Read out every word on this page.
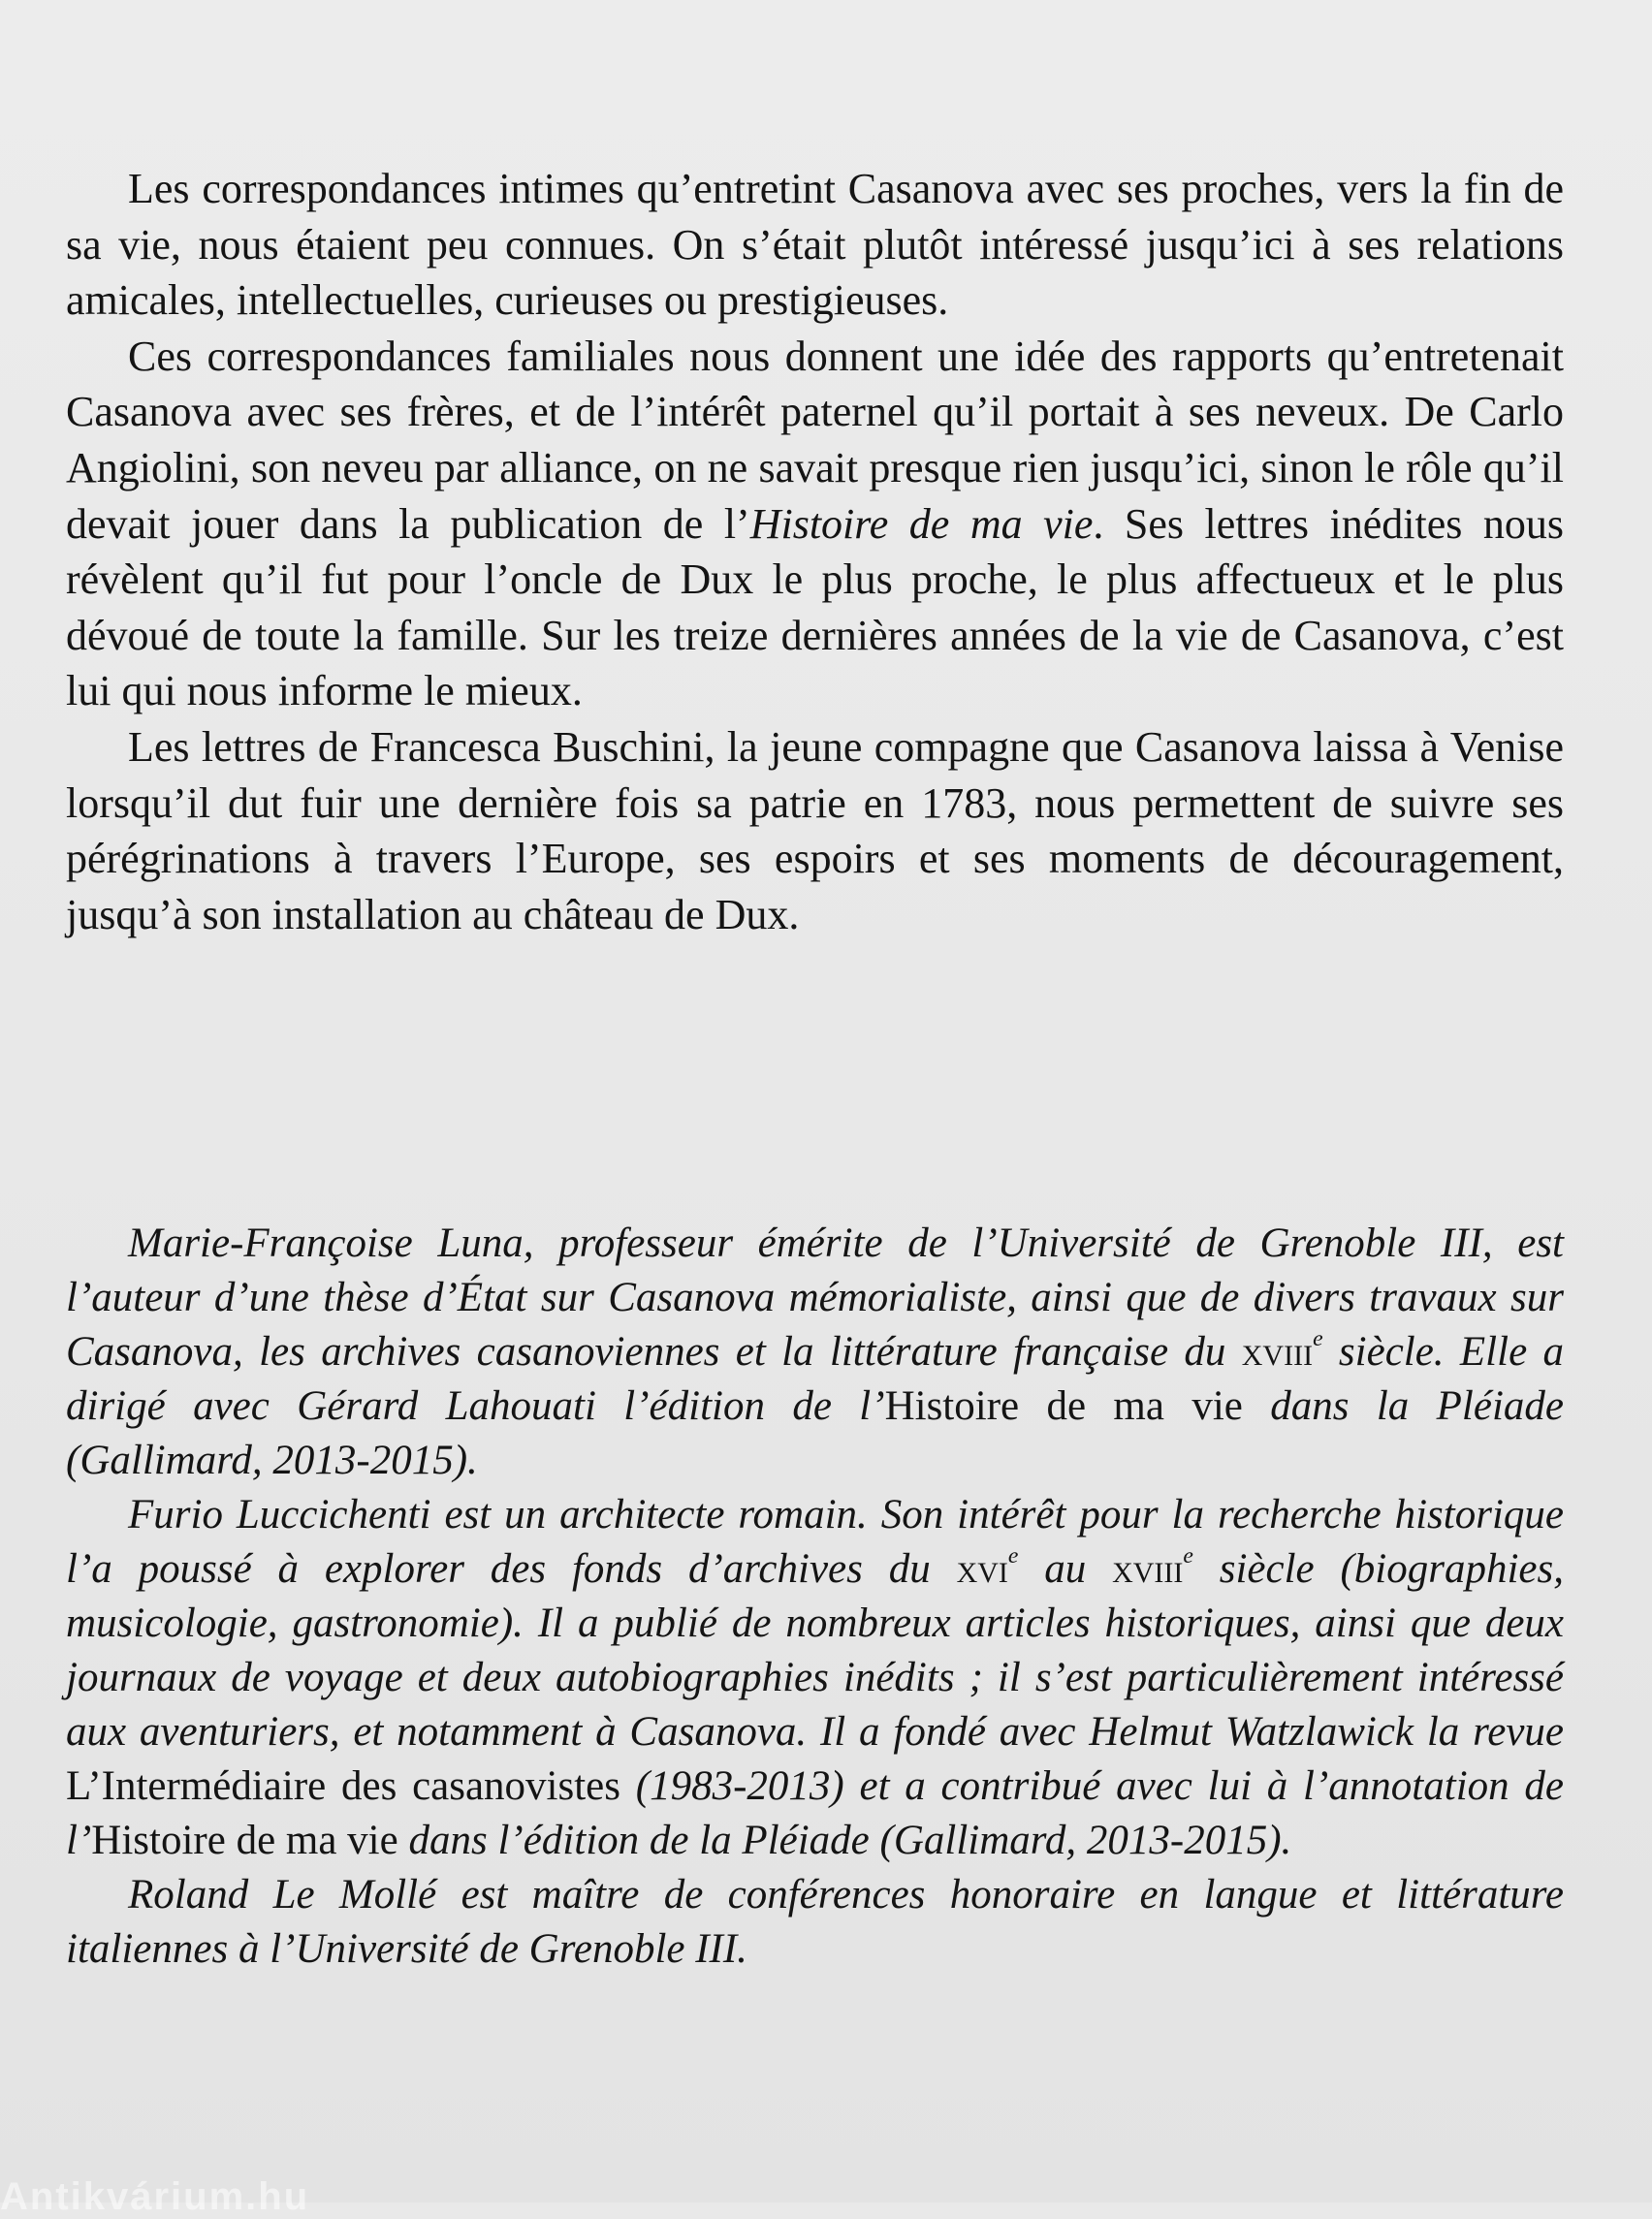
Les correspondances intimes qu’entretint Casanova avec ses proches, vers la fin de sa vie, nous étaient peu connues. On s’était plutôt intéressé jusqu’ici à ses relations amicales, intellectuelles, curieuses ou prestigieuses.

Ces correspondances familiales nous donnent une idée des rapports qu’entretenait Casanova avec ses frères, et de l’intérêt paternel qu’il portait à ses neveux. De Carlo Angiolini, son neveu par alliance, on ne savait presque rien jusqu’ici, sinon le rôle qu’il devait jouer dans la publication de l’Histoire de ma vie. Ses lettres inédites nous révèlent qu’il fut pour l’oncle de Dux le plus proche, le plus affectueux et le plus dévoué de toute la famille. Sur les treize dernières années de la vie de Casanova, c’est lui qui nous informe le mieux.

Les lettres de Francesca Buschini, la jeune compagne que Casanova laissa à Venise lorsqu’il dut fuir une dernière fois sa patrie en 1783, nous permettent de suivre ses pérégrinations à travers l’Europe, ses espoirs et ses moments de découragement, jusqu’à son installation au château de Dux.

Marie-Françoise Luna, professeur émérite de l’Université de Grenoble III, est l’auteur d’une thèse d’État sur Casanova mémorialiste, ainsi que de divers travaux sur Casanova, les archives casanoviennes et la littérature française du xviii$^e$ siècle. Elle a dirigé avec Gérard Lahouati l’édition de l’Histoire de ma vie dans la Pléiade (Gallimard, 2013-2015).

Furio Luccichenti est un architecte romain. Son intérêt pour la recherche historique l’a poussé à explorer des fonds d’archives du xvi$^e$ au xviii$^e$ siècle (biographies, musicologie, gastronomie). Il a publié de nombreux articles historiques, ainsi que deux journaux de voyage et deux autobiographies inédits ; il s’est particulièrement intéressé aux aventuriers, et notamment à Casanova. Il a fondé avec Helmut Watzlawick la revue L’Intermédiaire des casanovistes (1983-2013) et a contribué avec lui à l’annotation de l’Histoire de ma vie dans l’édition de la Pléiade (Gallimard, 2013-2015).

Roland Le Mollé est maître de conférences honoraire en langue et littérature italiennes à l’Université de Grenoble III.

Antikvárium.hu
